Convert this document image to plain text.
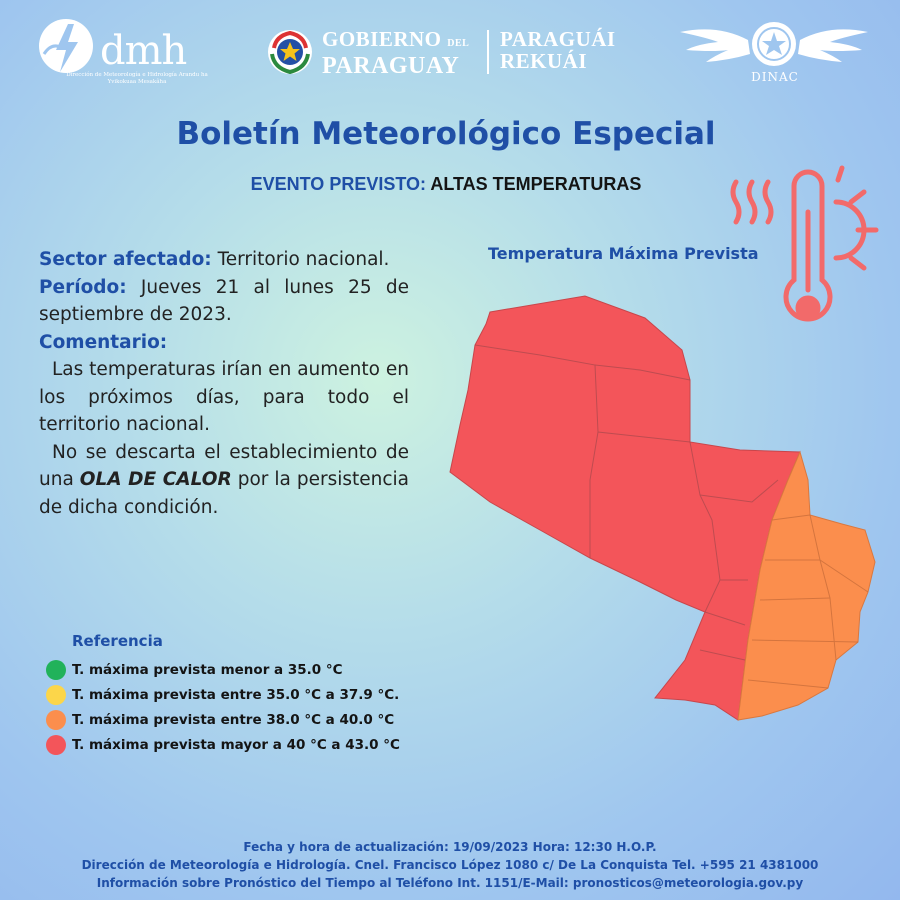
dmh
Dirección de Meteorología e Hidrología Arandu ha Yvikokuaa Mesakãha
GOBIERNO DEL
PARAGUAY
PARAGUÁI
REKUÁI
DINAC
Boletín Meteorológico Especial
EVENTO PREVISTO: ALTAS TEMPERATURAS

Sector afectado: Territorio nacional.

Período: Jueves 21 al lunes 25 de septiembre de 2023.

Comentario:

Las temperaturas irían en aumento en los próximos días, para todo el territorio nacional.

No se descarta el establecimiento de una OLA DE CALOR por la persistencia de dicha condición.

Temperatura Máxima Prevista
Referencia
T. máxima prevista menor a 35.0 °C
T. máxima prevista entre 35.0 °C a 37.9 °C.
T. máxima prevista entre 38.0 °C a 40.0 °C
T. máxima prevista mayor a 40 °C a 43.0 °C
Fecha y hora de actualización: 19/09/2023 Hora: 12:30 H.O.P.
Dirección de Meteorología e Hidrología. Cnel. Francisco López 1080 c/ De La Conquista Tel. +595 21 4381000
Información sobre Pronóstico del Tiempo al Teléfono Int. 1151/E-Mail: pronosticos@meteorologia.gov.py
